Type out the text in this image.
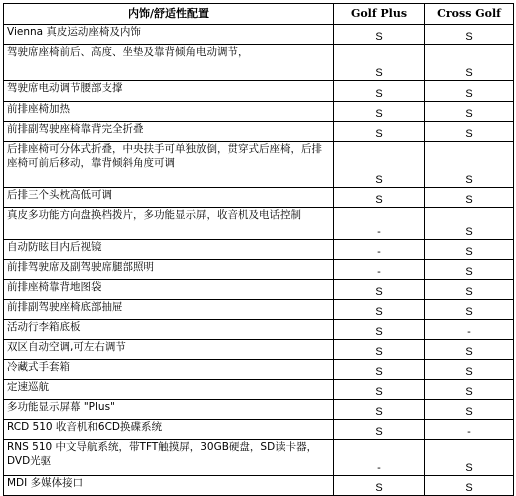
内饰/舒适性配置	Golf Plus	Cross Golf
Vienna 真皮运动座椅及内饰	S	S
驾驶席座椅前后、高度、坐垫及靠背倾角电动调节，	S	S
驾驶席电动调节腰部支撑	S	S
前排座椅加热	S	S
前排副驾驶座椅靠背完全折叠	S	S
后排座椅可分体式折叠，中央扶手可单独放倒，贯穿式后座椅，后排座椅可前后移动，靠背倾斜角度可调	S	S
后排三个头枕高低可调	S	S
真皮多功能方向盘换档拨片，多功能显示屏，收音机及电话控制	-	S
自动防眩目内后视镜	-	S
前排驾驶席及副驾驶席腿部照明	-	S
前排座椅靠背地图袋	S	S
前排副驾驶座椅底部抽屉	S	S
活动行李箱底板	S	-
双区自动空调,可左右调节	S	S
冷藏式手套箱	S	S
定速巡航	S	S
多功能显示屏幕 "Plus"	S	S
RCD 510 收音机和6CD换碟系统	S	-
RNS 510 中文导航系统，带TFT触摸屏，30GB硬盘，SD读卡器，DVD光驱	-	S
MDI 多媒体接口	S	S
